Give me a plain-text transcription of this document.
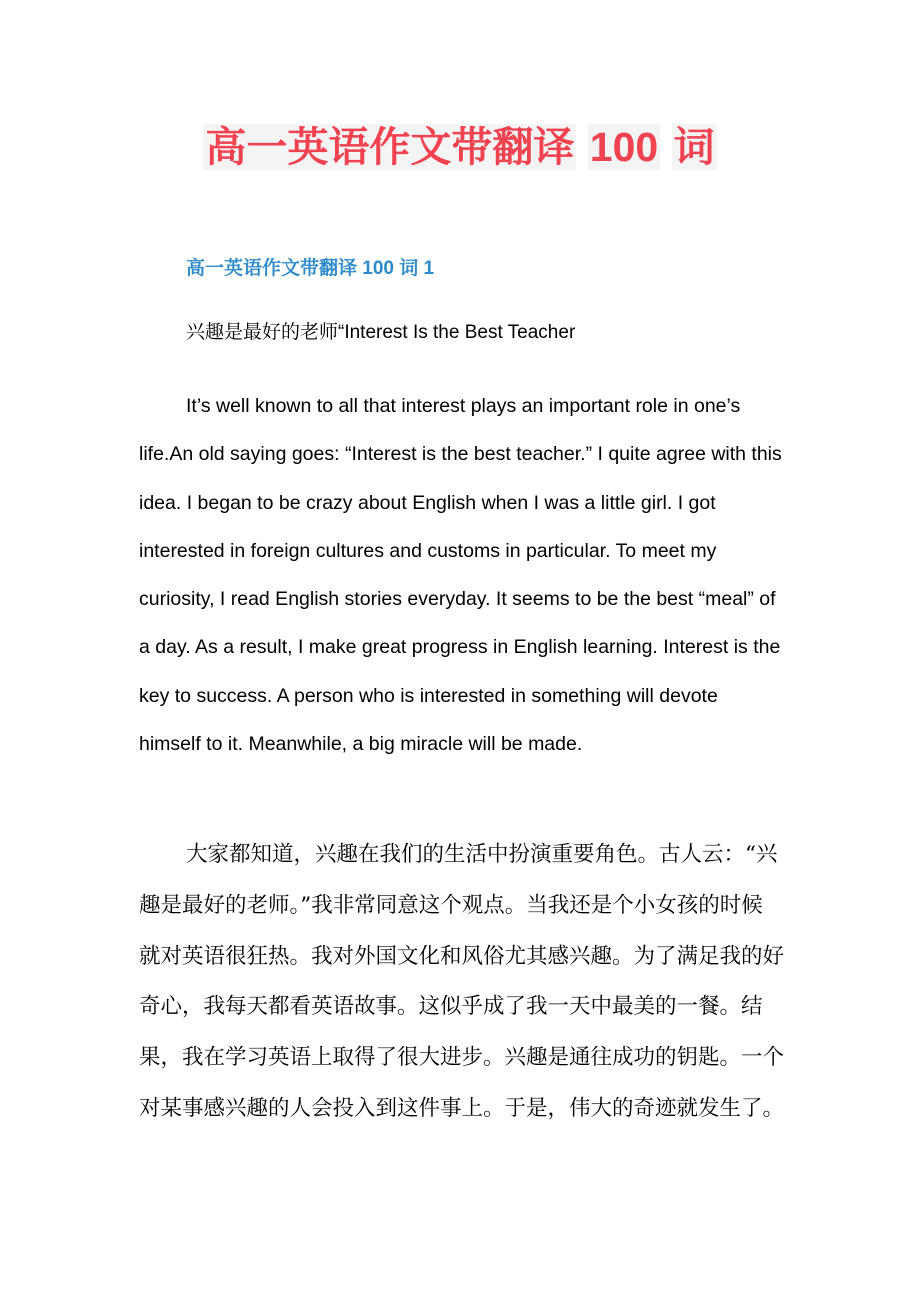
高一英语作文带翻译 100 词
高一英语作文带翻译 100 词 1

兴趣是最好的老师“Interest Is the Best Teacher

It’s well known to all that interest plays an important role in one’s life.An old saying goes: “Interest is the best teacher.” I quite agree with this idea. I began to be crazy about English when I was a little girl. I got interested in foreign cultures and customs in particular. To meet my curiosity, I read English stories everyday. It seems to be the best “meal” of a day. As a result, I make great progress in English learning. Interest is the key to success. A person who is interested in something will devote himself to it. Meanwhile, a big miracle will be made.

大家都知道，兴趣在我们的生活中扮演重要角色。古人云：“兴趣是最好的老师。”我非常同意这个观点。当我还是个小女孩的时候就对英语很狂热。我对外国文化和风俗尤其感兴趣。为了满足我的好奇心，我每天都看英语故事。这似乎成了我一天中最美的一餐。结果，我在学习英语上取得了很大进步。兴趣是通往成功的钥匙。一个对某事感兴趣的人会投入到这件事上。于是，伟大的奇迹就发生了。
